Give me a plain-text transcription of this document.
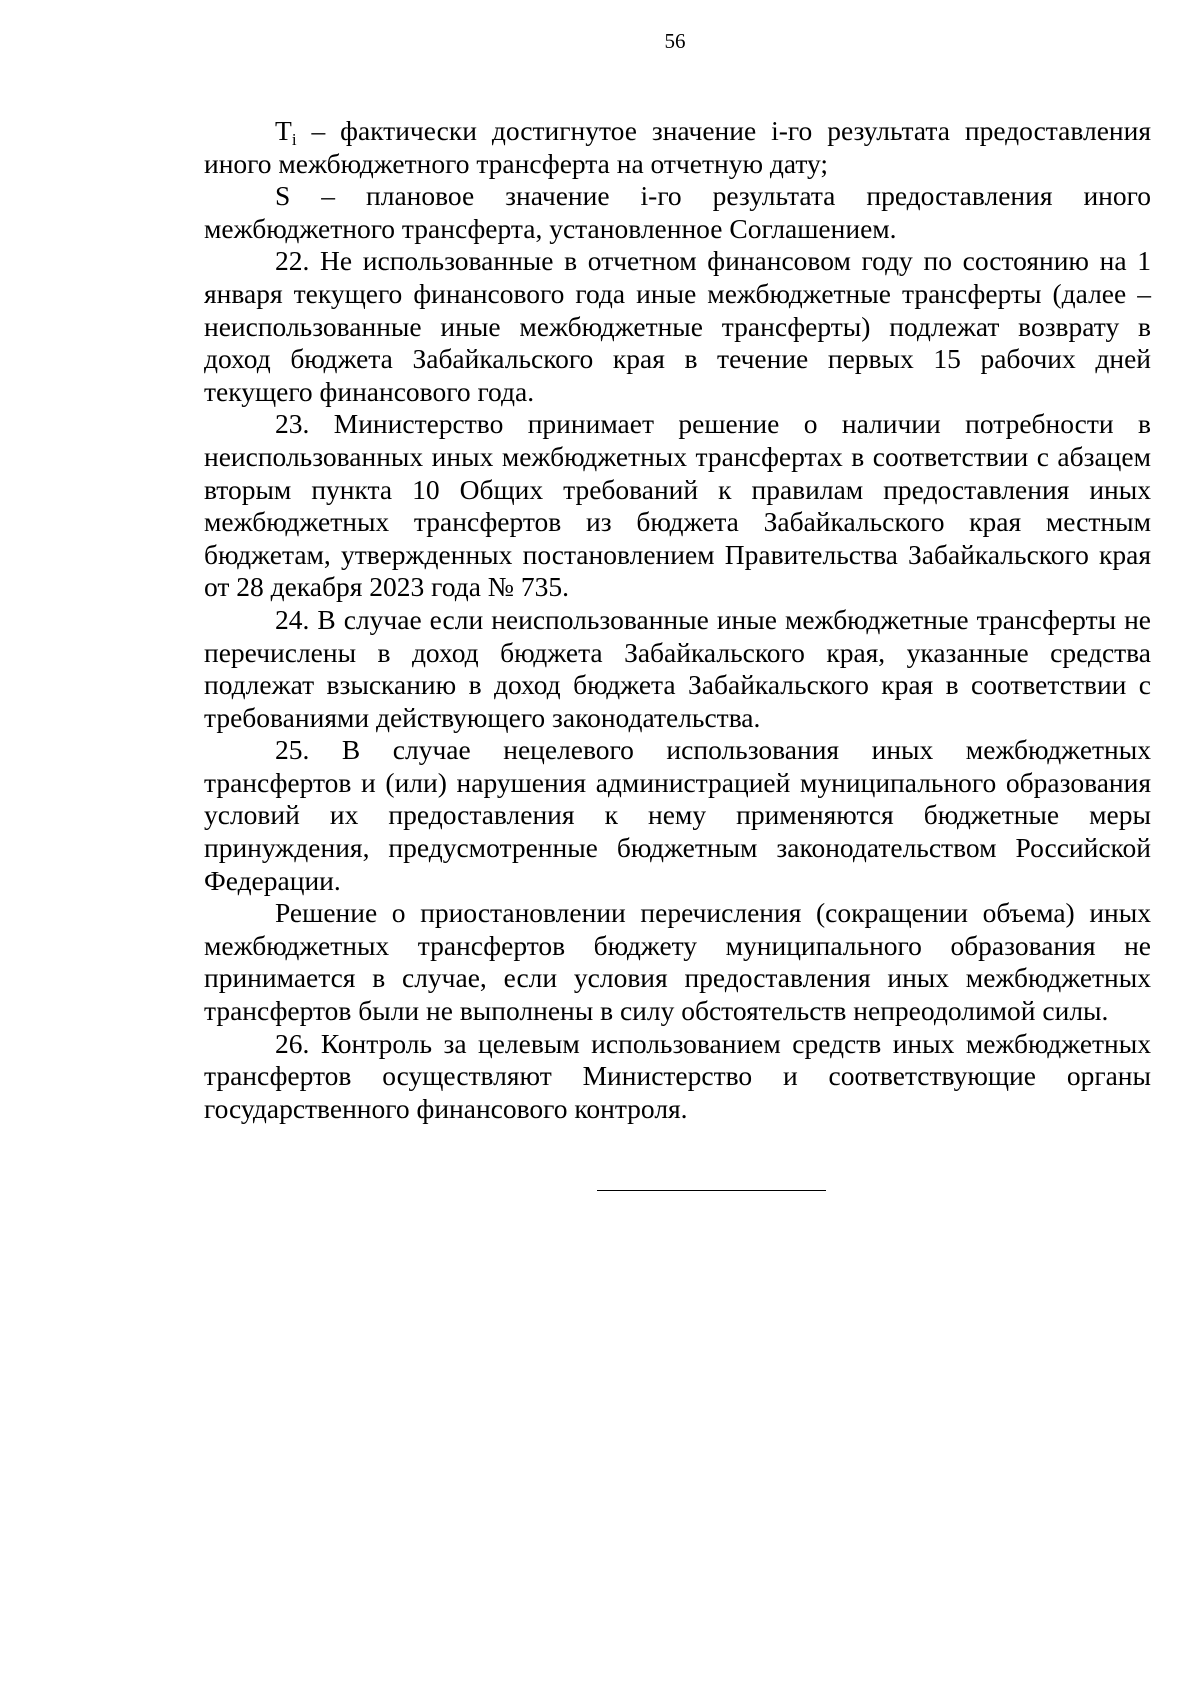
56

$T_i$ – фактически достигнутое значение i-го результата предоставления иного межбюджетного трансферта на отчетную дату;

S – плановое значение i-го результата предоставления иного межбюджетного трансферта, установленное Соглашением.

22. Не использованные в отчетном финансовом году по состоянию на 1 января текущего финансового года иные межбюджетные трансферты (далее – неиспользованные иные межбюджетные трансферты) подлежат возврату в доход бюджета Забайкальского края в течение первых 15 рабочих дней текущего финансового года.

23. Министерство принимает решение о наличии потребности в неиспользованных иных межбюджетных трансфертах в соответствии с абзацем вторым пункта 10 Общих требований к правилам предоставления иных межбюджетных трансфертов из бюджета Забайкальского края местным бюджетам, утвержденных постановлением Правительства Забайкальского края от 28 декабря 2023 года № 735.

24. В случае если неиспользованные иные межбюджетные трансферты не перечислены в доход бюджета Забайкальского края, указанные средства подлежат взысканию в доход бюджета Забайкальского края в соответствии с требованиями действующего законодательства.

25. В случае нецелевого использования иных межбюджетных трансфертов и (или) нарушения администрацией муниципального образования условий их предоставления к нему применяются бюджетные меры принуждения, предусмотренные бюджетным законодательством Российской Федерации.

Решение о приостановлении перечисления (сокращении объема) иных межбюджетных трансфертов бюджету муниципального образования не принимается в случае, если условия предоставления иных межбюджетных трансфертов были не выполнены в силу обстоятельств непреодолимой силы.

26. Контроль за целевым использованием средств иных межбюджетных трансфертов осуществляют Министерство и соответствующие органы государственного финансового контроля.
